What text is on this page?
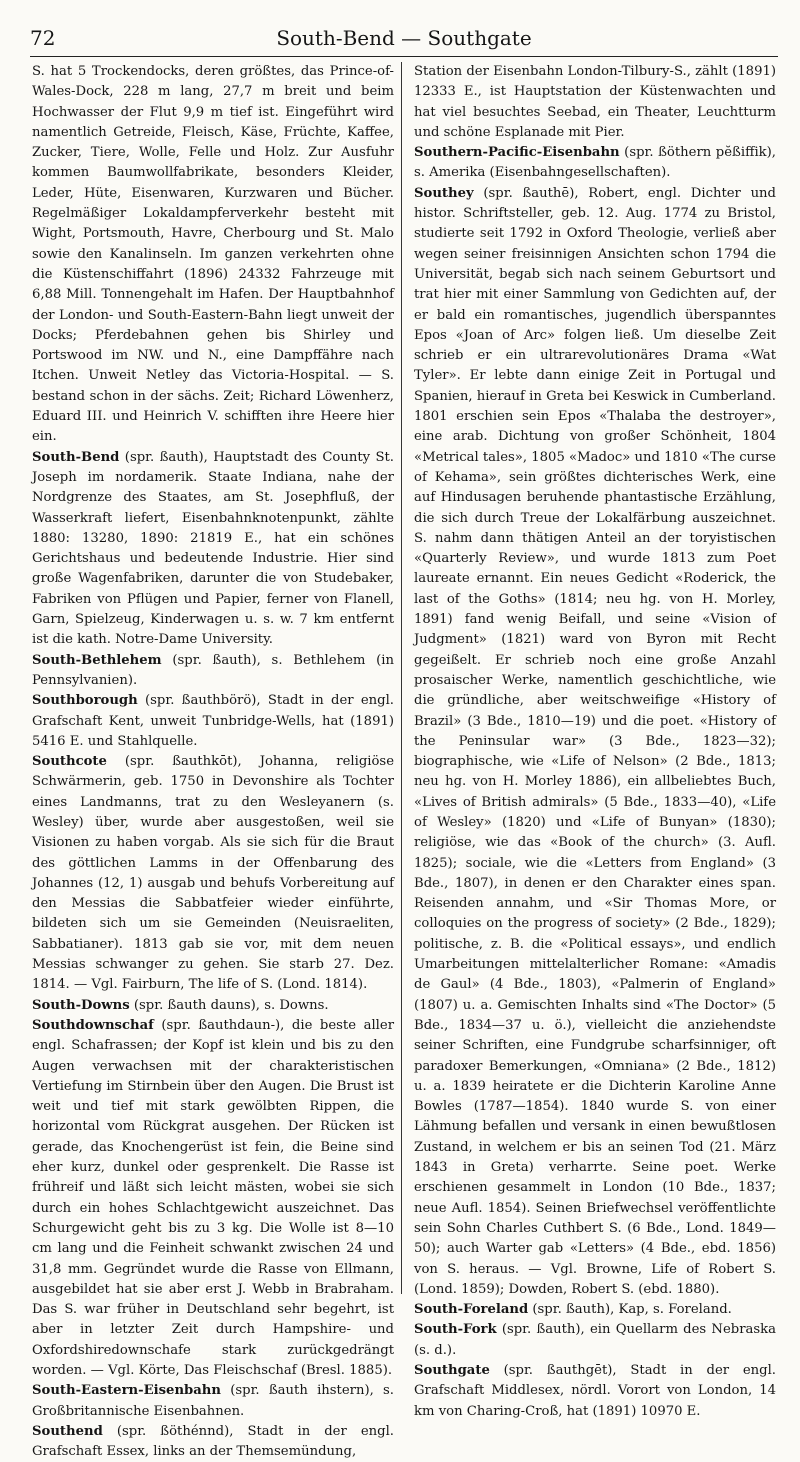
72	South-Bend — Southgate

S. hat 5 Trockendocks, deren größtes, das Prince-of-Wales-Dock, 228 m lang, 27,7 m breit und beim Hochwasser der Flut 9,9 m tief ist. Eingeführt wird namentlich Getreide, Fleisch, Käse, Früchte, Kaffee, Zucker, Tiere, Wolle, Felle und Holz. Zur Ausfuhr kommen Baumwollfabrikate, besonders Kleider, Leder, Hüte, Eisenwaren, Kurzwaren und Bücher. Regelmäßiger Lokaldampferverkehr besteht mit Wight, Portsmouth, Havre, Cherbourg und St. Malo sowie den Kanalinseln. Im ganzen verkehrten ohne die Küstenschiffahrt (1896) 24332 Fahrzeuge mit 6,88 Mill. Tonnengehalt im Hafen. Der Hauptbahnhof der London- und South-Eastern-Bahn liegt unweit der Docks; Pferdebahnen gehen bis Shirley und Portswood im NW. und N., eine Dampffähre nach Itchen. Unweit Netley das Victoria-Hospital. — S. bestand schon in der sächs. Zeit; Richard Löwenherz, Eduard III. und Heinrich V. schifften ihre Heere hier ein.

South-Bend (spr. ßauth), Hauptstadt des County St. Joseph im nordamerik. Staate Indiana, nahe der Nordgrenze des Staates, am St. Josephfluß, der Wasserkraft liefert, Eisenbahnknotenpunkt, zählte 1880: 13280, 1890: 21819 E., hat ein schönes Gerichtshaus und bedeutende Industrie. Hier sind große Wagenfabriken, darunter die von Studebaker, Fabriken von Pflügen und Papier, ferner von Flanell, Garn, Spielzeug, Kinderwagen u. s. w. 7 km entfernt ist die kath. Notre-Dame University.

South-Bethlehem (spr. ßauth), s. Bethlehem (in Pennsylvanien).

Southborough (spr. ßauthbörö), Stadt in der engl. Grafschaft Kent, unweit Tunbridge-Wells, hat (1891) 5416 E. und Stahlquelle.

Southcote (spr. ßauthkōt), Johanna, religiöse Schwärmerin, geb. 1750 in Devonshire als Tochter eines Landmanns, trat zu den Wesleyanern (s. Wesley) über, wurde aber ausgestoßen, weil sie Visionen zu haben vorgab. Als sie sich für die Braut des göttlichen Lamms in der Offenbarung des Johannes (12, 1) ausgab und behufs Vorbereitung auf den Messias die Sabbatfeier wieder einführte, bildeten sich um sie Gemeinden (Neuisraeliten, Sabbatianer). 1813 gab sie vor, mit dem neuen Messias schwanger zu gehen. Sie starb 27. Dez. 1814. — Vgl. Fairburn, The life of S. (Lond. 1814).

South-Downs (spr. ßauth dauns), s. Downs.

Southdownschaf (spr. ßauthdaun-), die beste aller engl. Schafrassen; der Kopf ist klein und bis zu den Augen verwachsen mit der charakteristischen Vertiefung im Stirnbein über den Augen. Die Brust ist weit und tief mit stark gewölbten Rippen, die horizontal vom Rückgrat ausgehen. Der Rücken ist gerade, das Knochengerüst ist fein, die Beine sind eher kurz, dunkel oder gesprenkelt. Die Rasse ist frühreif und läßt sich leicht mästen, wobei sie sich durch ein hohes Schlachtgewicht auszeichnet. Das Schurgewicht geht bis zu 3 kg. Die Wolle ist 8—10 cm lang und die Feinheit schwankt zwischen 24 und 31,8 mm. Gegründet wurde die Rasse von Ellmann, ausgebildet hat sie aber erst J. Webb in Brabraham. Das S. war früher in Deutschland sehr begehrt, ist aber in letzter Zeit durch Hampshire- und Oxfordshiredownschafe stark zurückgedrängt worden. — Vgl. Körte, Das Fleischschaf (Bresl. 1885).

South-Eastern-Eisenbahn (spr. ßauth ihstern), s. Großbritannische Eisenbahnen.

Southend (spr. ßöthénnd), Stadt in der engl. Grafschaft Essex, links an der Themsemündung,

Station der Eisenbahn London-Tilbury-S., zählt (1891) 12333 E., ist Hauptstation der Küstenwachten und hat viel besuchtes Seebad, ein Theater, Leuchtturm und schöne Esplanade mit Pier.

Southern-Pacific-Eisenbahn (spr. ßöthern pĕßiffik), s. Amerika (Eisenbahngesellschaften).

Southey (spr. ßauthē), Robert, engl. Dichter und histor. Schriftsteller, geb. 12. Aug. 1774 zu Bristol, studierte seit 1792 in Oxford Theologie, verließ aber wegen seiner freisinnigen Ansichten schon 1794 die Universität, begab sich nach seinem Geburtsort und trat hier mit einer Sammlung von Gedichten auf, der er bald ein romantisches, jugendlich überspanntes Epos «Joan of Arc» folgen ließ. Um dieselbe Zeit schrieb er ein ultrarevolutionäres Drama «Wat Tyler». Er lebte dann einige Zeit in Portugal und Spanien, hierauf in Greta bei Keswick in Cumberland. 1801 erschien sein Epos «Thalaba the destroyer», eine arab. Dichtung von großer Schönheit, 1804 «Metrical tales», 1805 «Madoc» und 1810 «The curse of Kehama», sein größtes dichterisches Werk, eine auf Hindusagen beruhende phantastische Erzählung, die sich durch Treue der Lokalfärbung auszeichnet. S. nahm dann thätigen Anteil an der toryistischen «Quarterly Review», und wurde 1813 zum Poet laureate ernannt. Ein neues Gedicht «Roderick, the last of the Goths» (1814; neu hg. von H. Morley, 1891) fand wenig Beifall, und seine «Vision of Judgment» (1821) ward von Byron mit Recht gegeißelt. Er schrieb noch eine große Anzahl prosaischer Werke, namentlich geschichtliche, wie die gründliche, aber weitschweifige «History of Brazil» (3 Bde., 1810—19) und die poet. «History of the Peninsular war» (3 Bde., 1823—32); biographische, wie «Life of Nelson» (2 Bde., 1813; neu hg. von H. Morley 1886), ein allbeliebtes Buch, «Lives of British admirals» (5 Bde., 1833—40), «Life of Wesley» (1820) und «Life of Bunyan» (1830); religiöse, wie das «Book of the church» (3. Aufl. 1825); sociale, wie die «Letters from England» (3 Bde., 1807), in denen er den Charakter eines span. Reisenden annahm, und «Sir Thomas More, or colloquies on the progress of society» (2 Bde., 1829); politische, z. B. die «Political essays», und endlich Umarbeitungen mittelalterlicher Romane: «Amadis de Gaul» (4 Bde., 1803), «Palmerin of England» (1807) u. a. Gemischten Inhalts sind «The Doctor» (5 Bde., 1834—37 u. ö.), vielleicht die anziehendste seiner Schriften, eine Fundgrube scharfsinniger, oft paradoxer Bemerkungen, «Omniana» (2 Bde., 1812) u. a. 1839 heiratete er die Dichterin Karoline Anne Bowles (1787—1854). 1840 wurde S. von einer Lähmung befallen und versank in einen bewußtlosen Zustand, in welchem er bis an seinen Tod (21. März 1843 in Greta) verharrte. Seine poet. Werke erschienen gesammelt in London (10 Bde., 1837; neue Aufl. 1854). Seinen Briefwechsel veröffentlichte sein Sohn Charles Cuthbert S. (6 Bde., Lond. 1849—50); auch Warter gab «Letters» (4 Bde., ebd. 1856) von S. heraus. — Vgl. Browne, Life of Robert S. (Lond. 1859); Dowden, Robert S. (ebd. 1880).

South-Foreland (spr. ßauth), Kap, s. Foreland.

South-Fork (spr. ßauth), ein Quellarm des Nebraska (s. d.).

Southgate (spr. ßauthgēt), Stadt in der engl. Grafschaft Middlesex, nördl. Vorort von London, 14 km von Charing-Croß, hat (1891) 10970 E.
